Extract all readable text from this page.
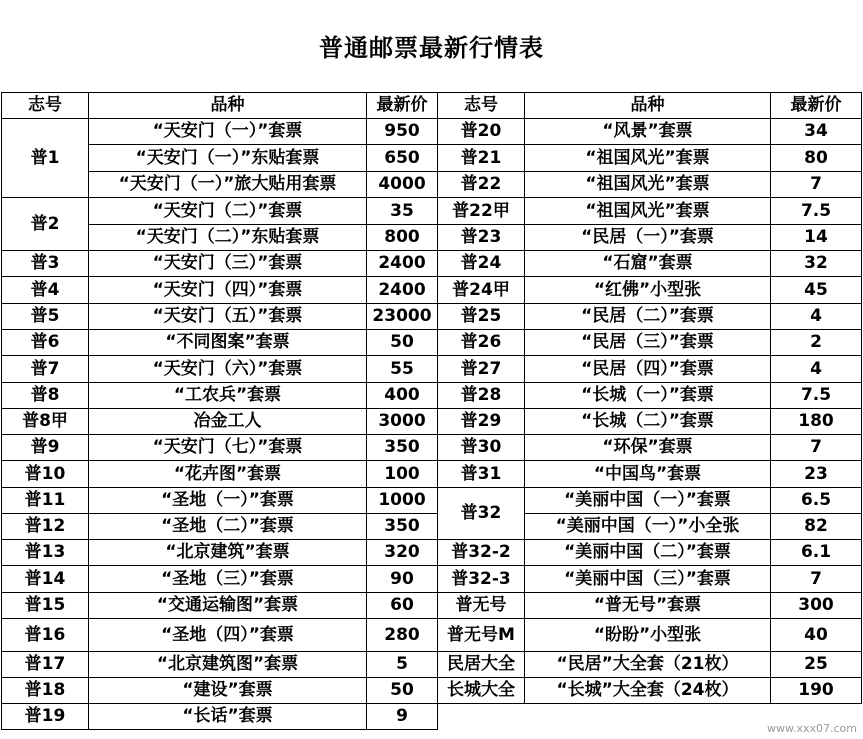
普通邮票最新行情表
志号	品种	最新价	志号	品种	最新价
普1	“天安门（一）”套票	950	普20	“风景”套票	34
	“天安门（一）”东贴套票	650	普21	“祖国风光”套票	80
	“天安门（一）”旅大贴用套票	4000	普22	“祖国风光”套票	7
普2	“天安门（二）”套票	35	普22甲	“祖国风光”套票	7.5
	“天安门（二）”东贴套票	800	普23	“民居（一）”套票	14
普3	“天安门（三）”套票	2400	普24	“石窟”套票	32
普4	“天安门（四）”套票	2400	普24甲	“红佛”小型张	45
普5	“天安门（五）”套票	23000	普25	“民居（二）”套票	4
普6	“不同图案”套票	50	普26	“民居（三）”套票	2
普7	“天安门（六）”套票	55	普27	“民居（四）”套票	4
普8	“工农兵”套票	400	普28	“长城（一）”套票	7.5
普8甲	冶金工人	3000	普29	“长城（二）”套票	180
普9	“天安门（七）”套票	350	普30	“环保”套票	7
普10	“花卉图”套票	100	普31	“中国鸟”套票	23
普11	“圣地（一）”套票	1000	普32	“美丽中国（一）”套票	6.5
普12	“圣地（二）”套票	350		“美丽中国（一）”小全张	82
普13	“北京建筑”套票	320	普32-2	“美丽中国（二）”套票	6.1
普14	“圣地（三）”套票	90	普32-3	“美丽中国（三）”套票	7
普15	“交通运输图”套票	60	普无号	“普无号”套票	300
普16	“圣地（四）”套票	280	普无号M	“盼盼”小型张	40
普17	“北京建筑图”套票	5	民居大全	“民居”大全套（21枚）	25
普18	“建设”套票	50	长城大全	“长城”大全套（24枚）	190
普19	“长话”套票	9			
www.xxx07.com
